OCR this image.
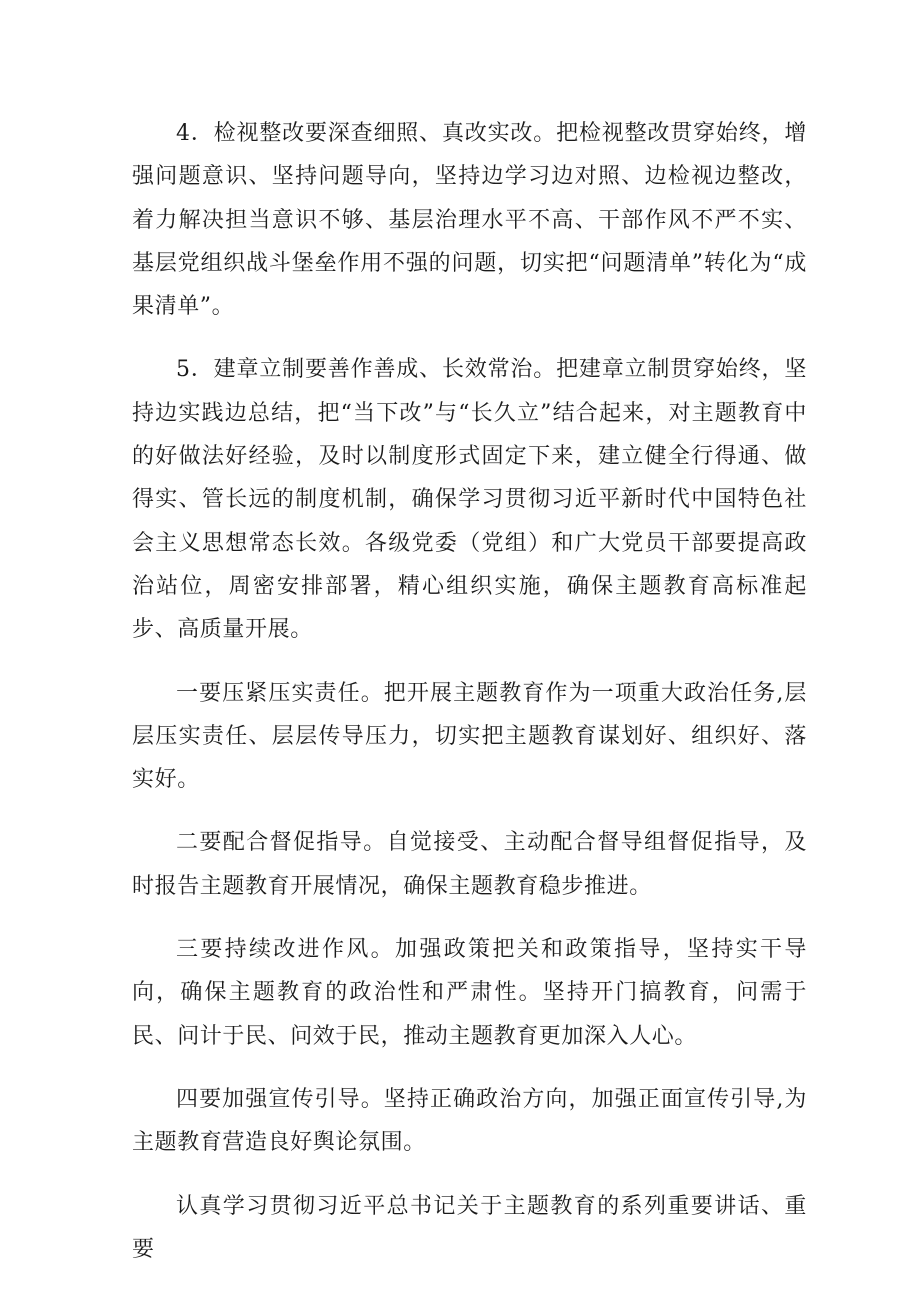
4．检视整改要深查细照、真改实改。把检视整改贯穿始终，增强问题意识、坚持问题导向，坚持边学习边对照、边检视边整改，着力解决担当意识不够、基层治理水平不高、干部作风不严不实、基层党组织战斗堡垒作用不强的问题，切实把“问题清单”转化为“成果清单”。

5．建章立制要善作善成、长效常治。把建章立制贯穿始终，坚持边实践边总结，把“当下改”与“长久立”结合起来，对主题教育中的好做法好经验，及时以制度形式固定下来，建立健全行得通、做得实、管长远的制度机制，确保学习贯彻习近平新时代中国特色社会主义思想常态长效。各级党委（党组）和广大党员干部要提高政治站位，周密安排部署，精心组织实施，确保主题教育高标准起步、高质量开展。

一要压紧压实责任。把开展主题教育作为一项重大政治任务,层层压实责任、层层传导压力，切实把主题教育谋划好、组织好、落实好。

二要配合督促指导。自觉接受、主动配合督导组督促指导，及时报告主题教育开展情况，确保主题教育稳步推进。

三要持续改进作风。加强政策把关和政策指导，坚持实干导向，确保主题教育的政治性和严肃性。坚持开门搞教育，问需于民、问计于民、问效于民，推动主题教育更加深入人心。

四要加强宣传引导。坚持正确政治方向，加强正面宣传引导,为主题教育营造良好舆论氛围。

认真学习贯彻习近平总书记关于主题教育的系列重要讲话、重要
